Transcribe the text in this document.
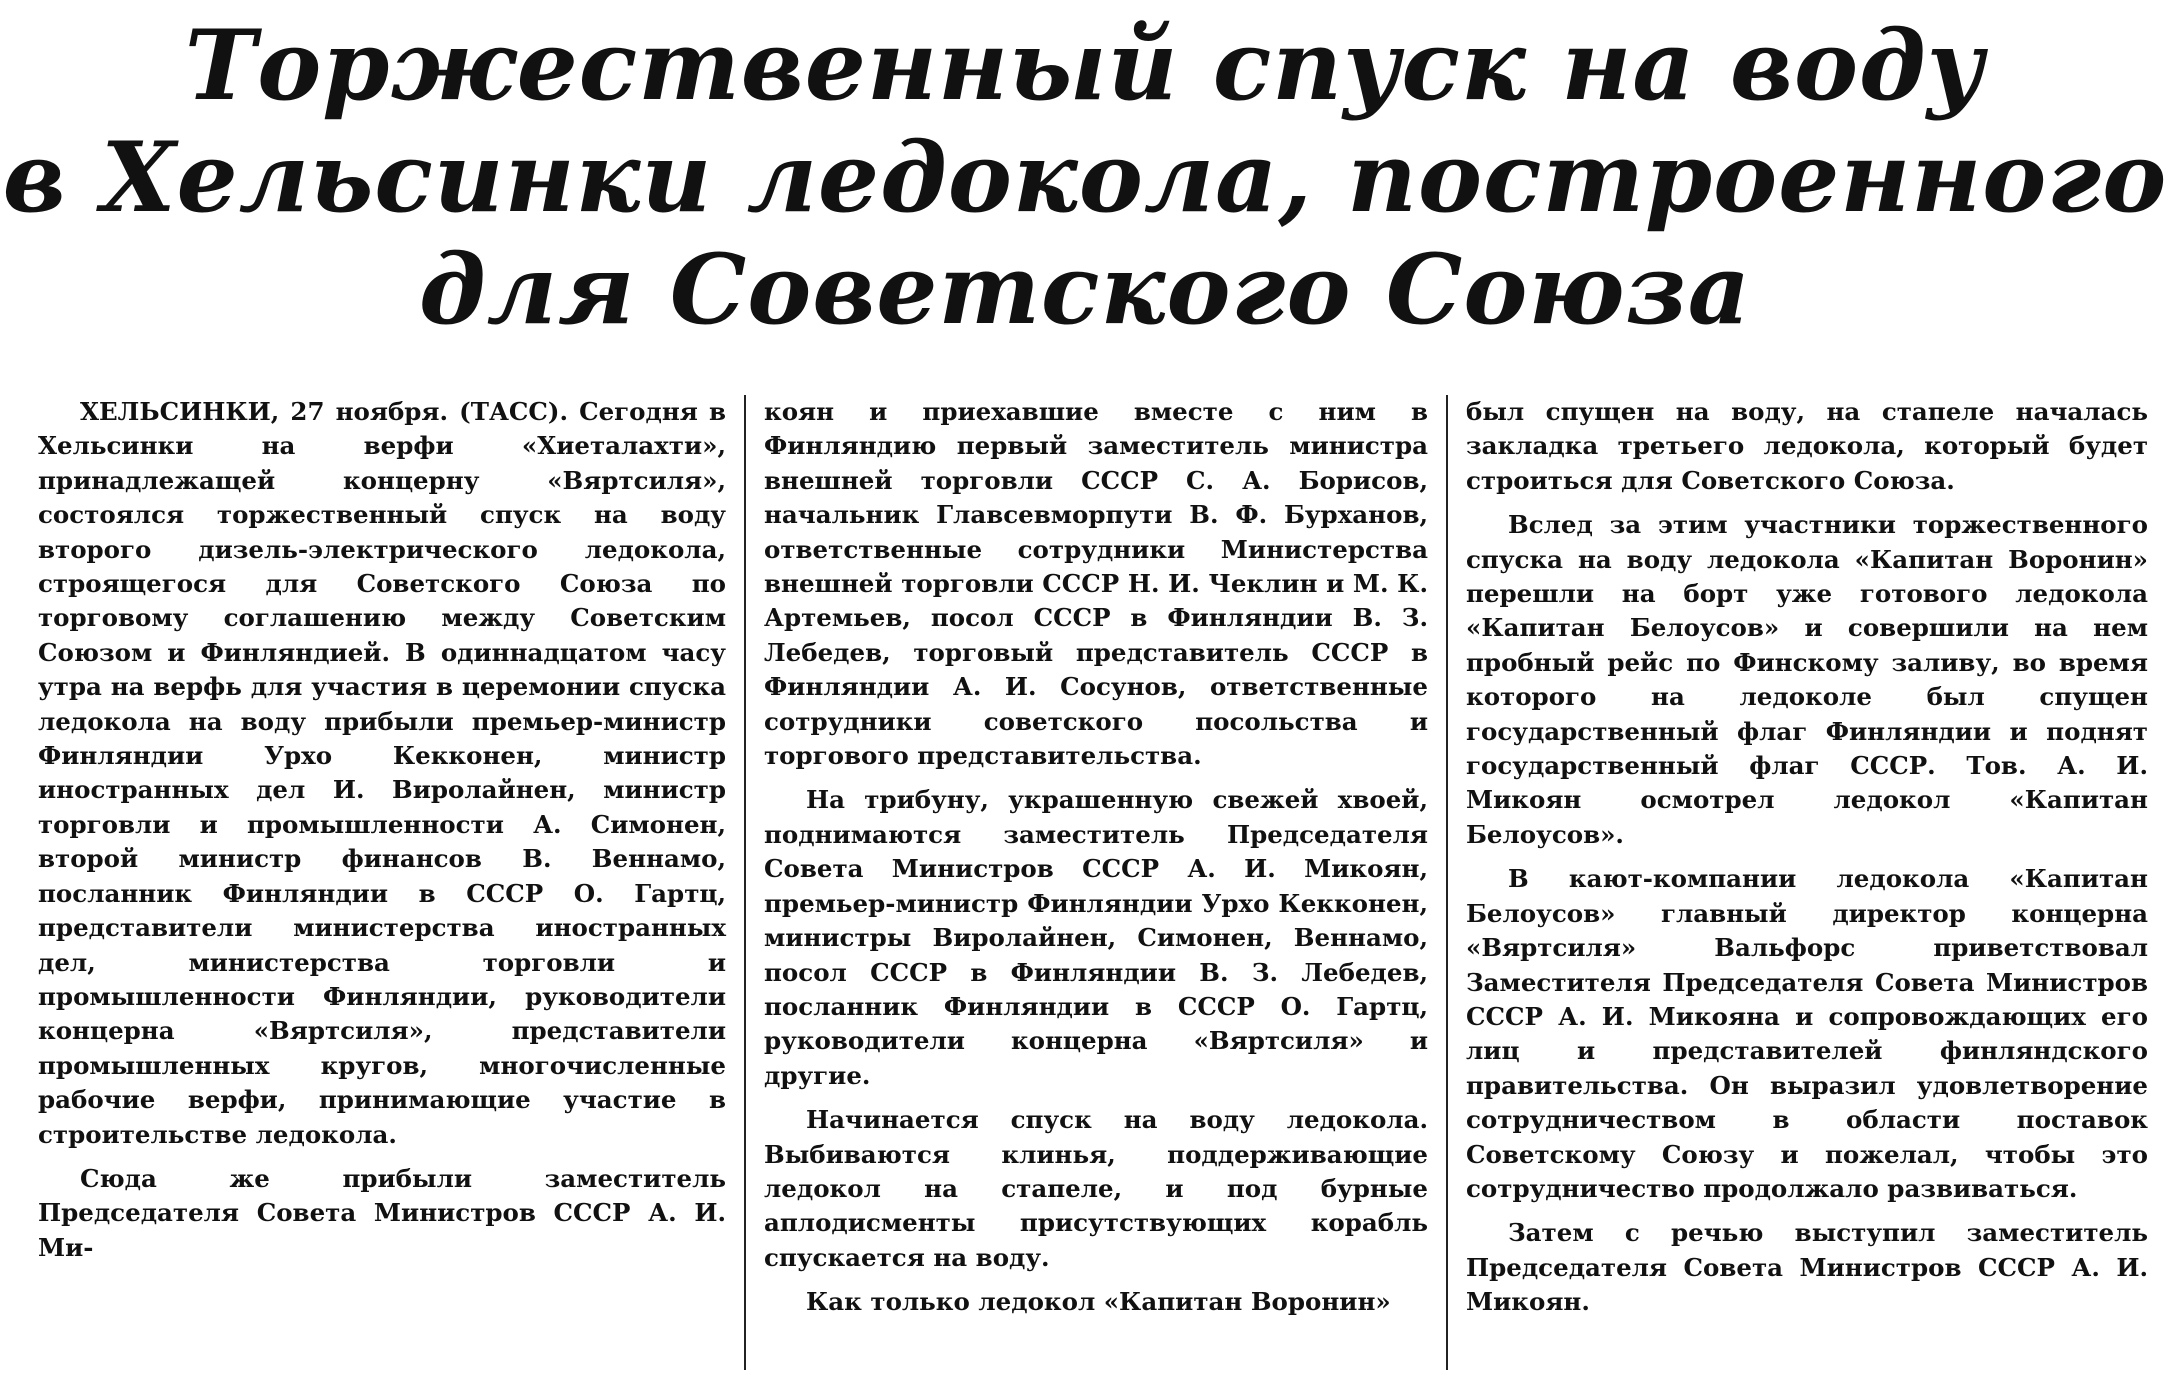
Торжественный спуск на воду
в Хельсинки ледокола, построенного
для Советского Союза

ХЕЛЬСИНКИ, 27 ноября. (ТАСС). Сегодня в Хельсинки на верфи «Хиеталахти», принадлежащей концерну «Вяртсиля», состоялся торжественный спуск на воду второго дизель-электрического ледокола, строящегося для Советского Союза по торговому соглашению между Советским Союзом и Финляндией. В одиннадцатом часу утра на верфь для участия в церемонии спуска ледокола на воду прибыли премьер-министр Финляндии Урхо Кекконен, министр иностранных дел И. Виролайнен, министр торговли и промышленности А. Симонен, второй министр финансов В. Веннамо, посланник Финляндии в СССР О. Гартц, представители министерства иностранных дел, министерства торговли и промышленности Финляндии, руководители концерна «Вяртсиля», представители промышленных кругов, многочисленные рабочие верфи, принимающие участие в строительстве ледокола.

Сюда же прибыли заместитель Председателя Совета Министров СССР А. И. Ми-

коян и приехавшие вместе с ним в Финляндию первый заместитель министра внешней торговли СССР С. А. Борисов, начальник Главсевморпути В. Ф. Бурханов, ответственные сотрудники Министерства внешней торговли СССР Н. И. Чеклин и М. К. Артемьев, посол СССР в Финляндии В. З. Лебедев, торговый представитель СССР в Финляндии А. И. Сосунов, ответственные сотрудники советского посольства и торгового представительства.

На трибуну, украшенную свежей хвоей, поднимаются заместитель Председателя Совета Министров СССР А. И. Микоян, премьер-министр Финляндии Урхо Кекконен, министры Виролайнен, Симонен, Веннамо, посол СССР в Финляндии В. З. Лебедев, посланник Финляндии в СССР О. Гартц, руководители концерна «Вяртсиля» и другие.

Начинается спуск на воду ледокола. Выбиваются клинья, поддерживающие ледокол на стапеле, и под бурные аплодисменты присутствующих корабль спускается на воду.

Как только ледокол «Капитан Воронин»

был спущен на воду, на стапеле началась закладка третьего ледокола, который будет строиться для Советского Союза.

Вслед за этим участники торжественного спуска на воду ледокола «Капитан Воронин» перешли на борт уже готового ледокола «Капитан Белоусов» и совершили на нем пробный рейс по Финскому заливу, во время которого на ледоколе был спущен государственный флаг Финляндии и поднят государственный флаг СССР. Тов. А. И. Микоян осмотрел ледокол «Капитан Белоусов».

В кают-компании ледокола «Капитан Белоусов» главный директор концерна «Вяртсиля» Вальфорс приветствовал Заместителя Председателя Совета Министров СССР А. И. Микояна и сопровождающих его лиц и представителей финляндского правительства. Он выразил удовлетворение сотрудничеством в области поставок Советскому Союзу и пожелал, чтобы это сотрудничество продолжало развиваться.

Затем с речью выступил заместитель Председателя Совета Министров СССР А. И. Микоян.
